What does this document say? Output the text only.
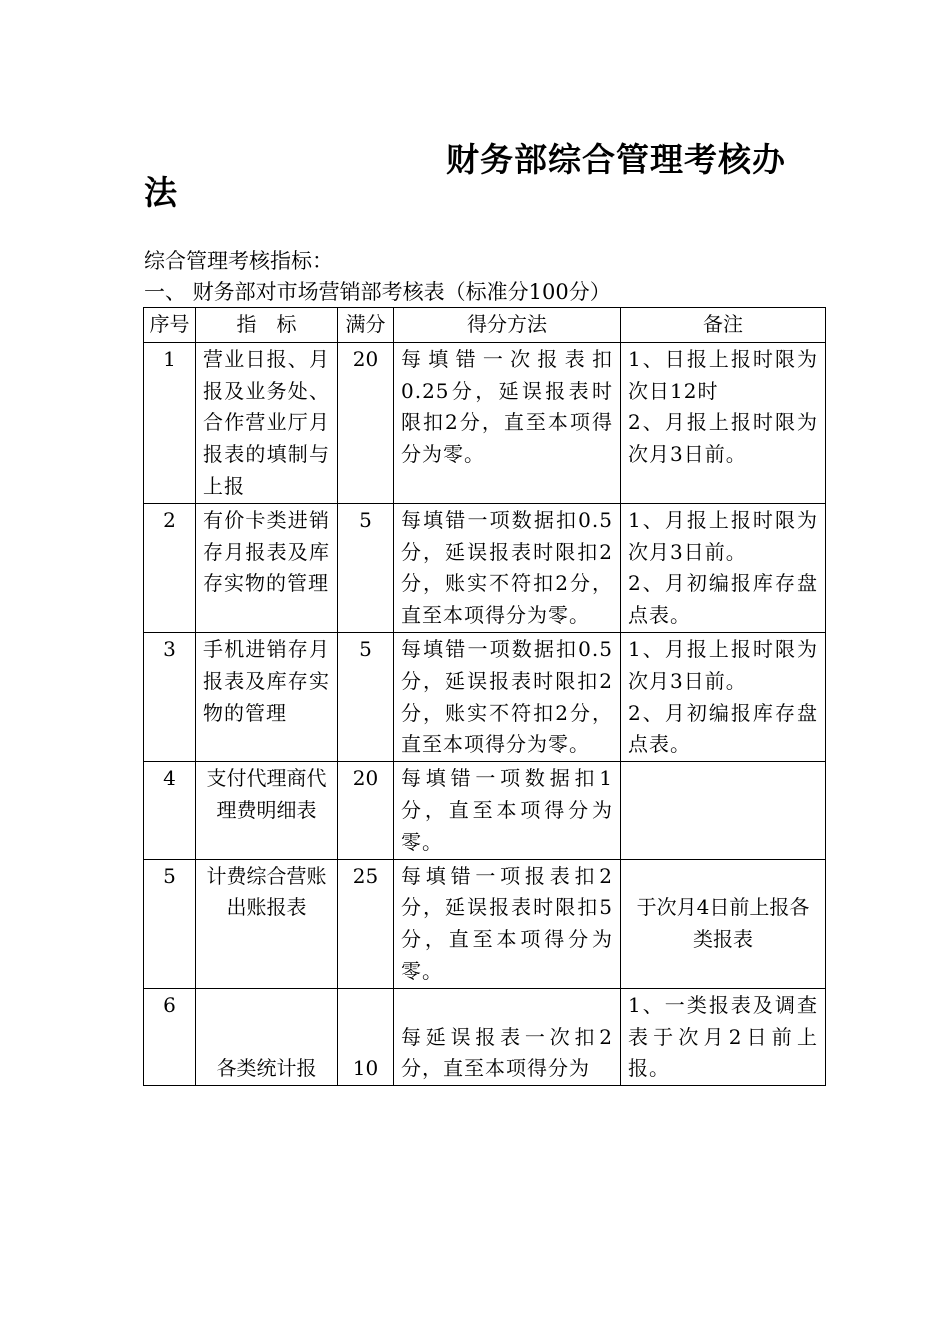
财务部综合管理考核办
法

综合管理考核指标：

一、 财务部对市场营销部考核表（标准分100分）

序号	指　标	满分	得分方法	备注
1	营业日报、月报及业务处、合作营业厅月报表的填制与上报	20	每填错一次报表扣0.25分，延误报表时限扣2分，直至本项得分为零。	1、日报上报时限为次日12时
2、月报上报时限为次月3日前。

2	有价卡类进销存月报表及库存实物的管理	5	每填错一项数据扣0.5分，延误报表时限扣2分，账实不符扣2分，直至本项得分为零。	1、月报上报时限为次月3日前。
2、月初编报库存盘点表。

3	手机进销存月报表及库存实物的管理	5	每填错一项数据扣0.5分，延误报表时限扣2分，账实不符扣2分，直至本项得分为零。	1、月报上报时限为次月3日前。
2、月初编报库存盘点表。

4	支付代理商代理费明细表	20	每填错一项数据扣1分，直至本项得分为零。	
5	计费综合营账出账报表	25	每填错一项报表扣2分，延误报表时限扣5分，直至本项得分为零。	于次月4日前上报各类报表

6	各类统计报	10	每延误报表一次扣2分，直至本项得分为	1、一类报表及调查表于次月2日前上报。
